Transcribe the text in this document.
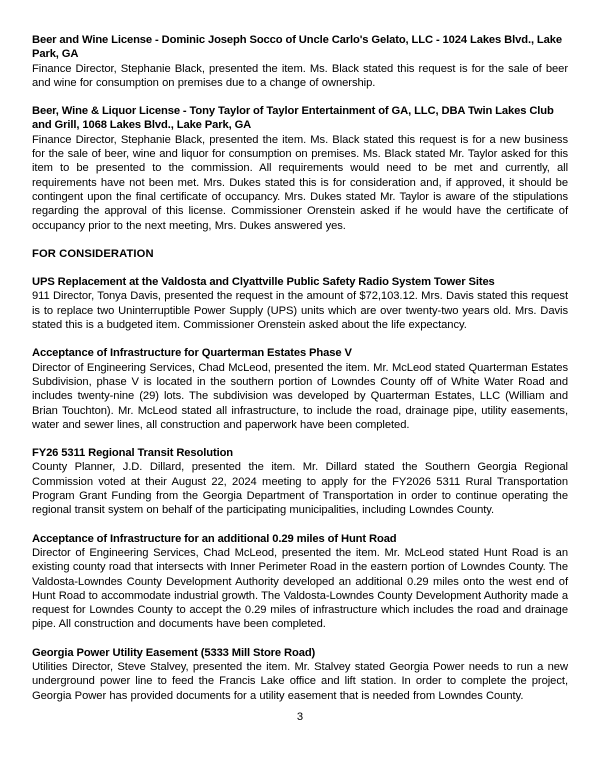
Beer and Wine License - Dominic Joseph Socco of Uncle Carlo's Gelato, LLC - 1024 Lakes Blvd., Lake Park, GA

Finance Director, Stephanie Black, presented the item. Ms. Black stated this request is for the sale of beer and wine for consumption on premises due to a change of ownership.

Beer, Wine & Liquor License - Tony Taylor of Taylor Entertainment of GA, LLC, DBA Twin Lakes Club and Grill, 1068 Lakes Blvd., Lake Park, GA

Finance Director, Stephanie Black, presented the item. Ms. Black stated this request is for a new business for the sale of beer, wine and liquor for consumption on premises. Ms. Black stated Mr. Taylor asked for this item to be presented to the commission. All requirements would need to be met and currently, all requirements have not been met. Mrs. Dukes stated this is for consideration and, if approved, it should be contingent upon the final certificate of occupancy. Mrs. Dukes stated Mr. Taylor is aware of the stipulations regarding the approval of this license. Commissioner Orenstein asked if he would have the certificate of occupancy prior to the next meeting, Mrs. Dukes answered yes.

FOR CONSIDERATION

UPS Replacement at the Valdosta and Clyattville Public Safety Radio System Tower Sites

911 Director, Tonya Davis, presented the request in the amount of $72,103.12. Mrs. Davis stated this request is to replace two Uninterruptible Power Supply (UPS) units which are over twenty-two years old. Mrs. Davis stated this is a budgeted item. Commissioner Orenstein asked about the life expectancy.

Acceptance of Infrastructure for Quarterman Estates Phase V

Director of Engineering Services, Chad McLeod, presented the item. Mr. McLeod stated Quarterman Estates Subdivision, phase V is located in the southern portion of Lowndes County off of White Water Road and includes twenty-nine (29) lots. The subdivision was developed by Quarterman Estates, LLC (William and Brian Touchton). Mr. McLeod stated all infrastructure, to include the road, drainage pipe, utility easements, water and sewer lines, all construction and paperwork have been completed.

FY26 5311 Regional Transit Resolution

County Planner, J.D. Dillard, presented the item. Mr. Dillard stated the Southern Georgia Regional Commission voted at their August 22, 2024 meeting to apply for the FY2026 5311 Rural Transportation Program Grant Funding from the Georgia Department of Transportation in order to continue operating the regional transit system on behalf of the participating municipalities, including Lowndes County.

Acceptance of Infrastructure for an additional 0.29 miles of Hunt Road

Director of Engineering Services, Chad McLeod, presented the item. Mr. McLeod stated Hunt Road is an existing county road that intersects with Inner Perimeter Road in the eastern portion of Lowndes County. The Valdosta-Lowndes County Development Authority developed an additional 0.29 miles onto the west end of Hunt Road to accommodate industrial growth. The Valdosta-Lowndes County Development Authority made a request for Lowndes County to accept the 0.29 miles of infrastructure which includes the road and drainage pipe. All construction and documents have been completed.

Georgia Power Utility Easement (5333 Mill Store Road)

Utilities Director, Steve Stalvey, presented the item. Mr. Stalvey stated Georgia Power needs to run a new underground power line to feed the Francis Lake office and lift station. In order to complete the project, Georgia Power has provided documents for a utility easement that is needed from Lowndes County.

3
